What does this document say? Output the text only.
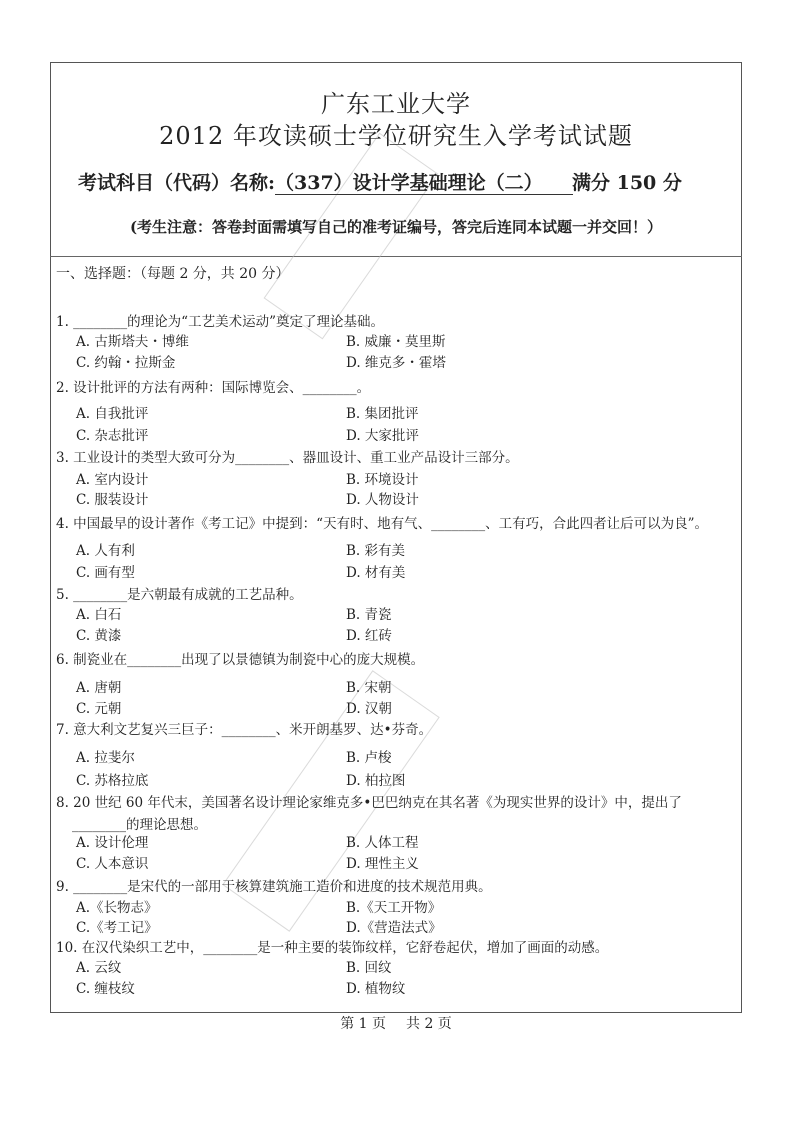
广东工业大学
2012 年攻读硕士学位研究生入学考试试题
考试科目（代码）名称:（337）设计学基础理论（二）	满分 150 分
(考生注意：答卷封面需填写自己的准考证编号，答完后连同本试题一并交回！）
一、选择题：（每题 2 分，共 20 分）
1. ________的理论为“工艺美术运动”奠定了理论基础。
A. 古斯塔夫・博维	B. 威廉・莫里斯
C. 约翰・拉斯金	D. 维克多・霍塔
2. 设计批评的方法有两种：国际博览会、________。
A. 自我批评	B. 集团批评
C. 杂志批评	D. 大家批评
3. 工业设计的类型大致可分为________、器皿设计、重工业产品设计三部分。
A. 室内设计	B. 环境设计
C. 服装设计	D. 人物设计
4. 中国最早的设计著作《考工记》中提到：“天有时、地有气、________、工有巧，合此四者让后可以为良”。
A. 人有利	B. 彩有美
C. 画有型	D. 材有美
5. ________是六朝最有成就的工艺品种。
A. 白石	B. 青瓷
C. 黄漆	D. 红砖
6. 制瓷业在________出现了以景德镇为制瓷中心的庞大规模。
A. 唐朝	B. 宋朝
C. 元朝	D. 汉朝
7. 意大利文艺复兴三巨子：________、米开朗基罗、达•芬奇。
A. 拉斐尔	B. 卢梭
C. 苏格拉底	D. 柏拉图
8. 20 世纪 60 年代末，美国著名设计理论家维克多•巴巴纳克在其名著《为现实世界的设计》中，提出了
________的理论思想。
A. 设计伦理	B. 人体工程
C. 人本意识	D. 理性主义
9. ________是宋代的一部用于核算建筑施工造价和进度的技术规范用典。
A.《长物志》	B.《天工开物》
C.《考工记》	D.《营造法式》
10. 在汉代染织工艺中，________是一种主要的装饰纹样，它舒卷起伏，增加了画面的动感。
A. 云纹	B. 回纹
C. 缠枝纹	D. 植物纹
第 1 页 共 2 页
